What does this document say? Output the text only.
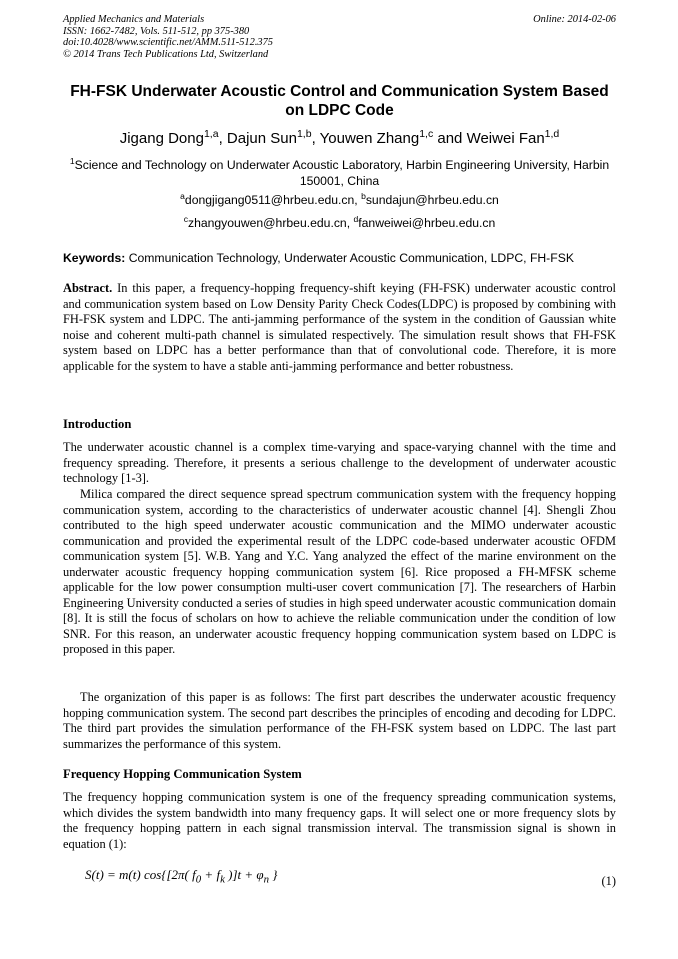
Applied Mechanics and Materials
ISSN: 1662-7482, Vols. 511-512, pp 375-380
doi:10.4028/www.scientific.net/AMM.511-512.375
© 2014 Trans Tech Publications Ltd, Switzerland
Online: 2014-02-06
FH-FSK Underwater Acoustic Control and Communication System Based on LDPC Code
Jigang Dong$^{1,a}$, Dajun Sun$^{1,b}$, Youwen Zhang$^{1,c}$ and Weiwei Fan$^{1,d}$
$^1$Science and Technology on Underwater Acoustic Laboratory, Harbin Engineering University, Harbin 150001, China
$^a$dongjigang0511@hrbeu.edu.cn, $^b$sundajun@hrbeu.edu.cn
$^c$zhangyouwen@hrbeu.edu.cn, $^d$fanweiwei@hrbeu.edu.cn
Keywords: Communication Technology, Underwater Acoustic Communication, LDPC, FH-FSK
Abstract. In this paper, a frequency-hopping frequency-shift keying (FH-FSK) underwater acoustic control and communication system based on Low Density Parity Check Codes(LDPC) is proposed by combining with FH-FSK system and LDPC. The anti-jamming performance of the system in the condition of Gaussian white noise and coherent multi-path channel is simulated respectively. The simulation result shows that FH-FSK system based on LDPC has a better performance than that of convolutional code. Therefore, it is more applicable for the system to have a stable anti-jamming performance and better robustness.
Introduction
The underwater acoustic channel is a complex time-varying and space-varying channel with the time and frequency spreading. Therefore, it presents a serious challenge to the development of underwater acoustic technology [1-3].
Milica compared the direct sequence spread spectrum communication system with the frequency hopping communication system, according to the characteristics of underwater acoustic channel [4]. Shengli Zhou contributed to the high speed underwater acoustic communication and the MIMO underwater acoustic communication and provided the experimental result of the LDPC code-based underwater acoustic OFDM communication system [5]. W.B. Yang and Y.C. Yang analyzed the effect of the marine environment on the underwater acoustic frequency hopping communication system [6]. Rice proposed a FH-MFSK scheme applicable for the low power consumption multi-user covert communication [7]. The researchers of Harbin Engineering University conducted a series of studies in high speed underwater acoustic communication domain [8]. It is still the focus of scholars on how to achieve the reliable communication under the condition of low SNR. For this reason, an underwater acoustic frequency hopping communication system based on LDPC is proposed in this paper.
The organization of this paper is as follows: The first part describes the underwater acoustic frequency hopping communication system. The second part describes the principles of encoding and decoding for LDPC. The third part provides the simulation performance of the FH-FSK system based on LDPC. The last part summarizes the performance of this system.
Frequency Hopping Communication System
The frequency hopping communication system is one of the frequency spreading communication systems, which divides the system bandwidth into many frequency gaps. It will select one or more frequency slots by the frequency hopping pattern in each signal transmission interval. The transmission signal is shown in equation (1):
S(t) = m(t) cos{[2π( $f_0 + f_k$ )]$t + \varphi_n$ }	(1)
